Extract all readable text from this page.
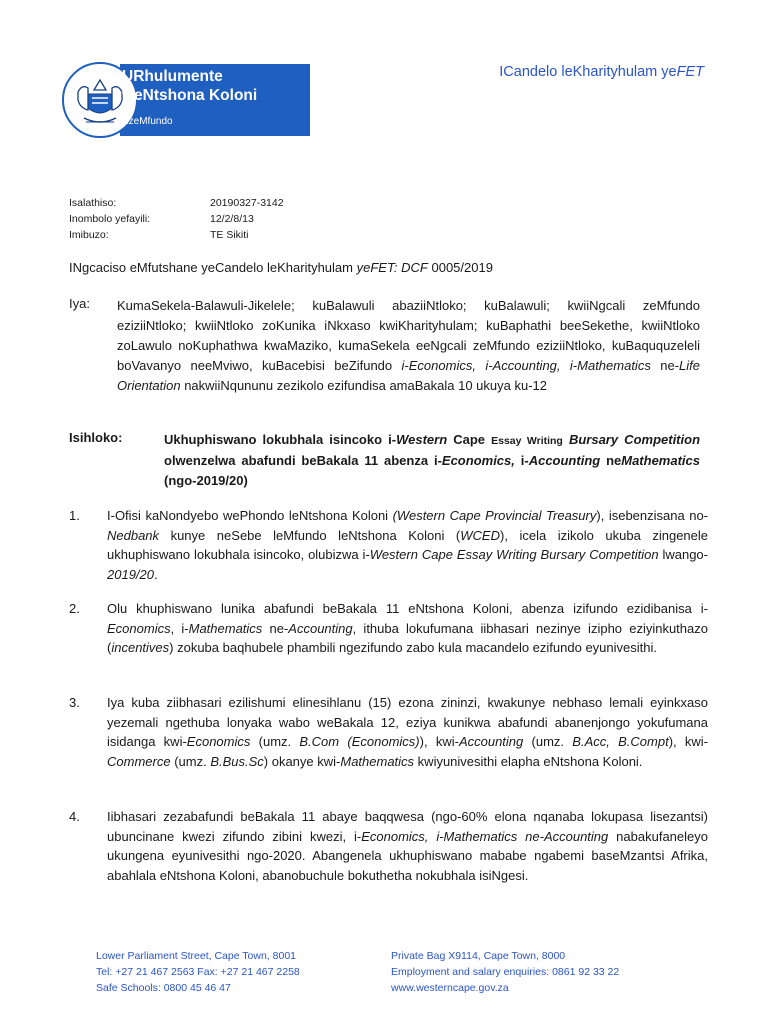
URhulumente
weNtshona Koloni
EzeMfundo
ICandelo leKharityhulam yeFET
Isalathiso:	20190327-3142
Inombolo yefayili:	12/2/8/13
Imibuzo:	TE Sikiti
INgcaciso eMfutshane yeCandelo leKharityhulam yeFET: DCF 0005/2019
Iya: KumaSekela-Balawuli-Jikelele; kuBalawuli abaziiNtloko; kuBalawuli; kwiiNgcali zeMfundo eziziiNtloko; kwiiNtloko zoKunika iNkxaso kwiKharityhulam; kuBaphathi beeSekethe, kwiiNtloko zoLawulo noKuphathwa kwaMaziko, kumaSekela eeNgcali zeMfundo eziziiNtloko, kuBaququzeleli boVavanyo neeMviwo, kuBacebisi beZifundo i-Economics, i-Accounting, i-Mathematics ne-Life Orientation nakwiiNqununu zezikolo ezifundisa amaBakala 10 ukuya ku-12
Isihloko:	Ukhuphiswano lokubhala isincoko i-Western Cape Essay Writing Bursary Competition olwenzelwa abafundi beBakala 11 abenza i-Economics, i-Accounting neMathematics (ngo-2019/20)
1. I-Ofisi kaNondyebo wePhondo leNtshona Koloni (Western Cape Provincial Treasury), isebenzisana no-Nedbank kunye neSebe leMfundo leNtshona Koloni (WCED), icela izikolo ukuba zingenele ukhuphiswano lokubhala isincoko, olubizwa i-Western Cape Essay Writing Bursary Competition lwango-2019/20.
2. Olu khuphiswano lunika abafundi beBakala 11 eNtshona Koloni, abenza izifundo ezidibanisa i-Economics, i-Mathematics ne-Accounting, ithuba lokufumana iibhasari nezinye izipho eziyinkuthazo (incentives) zokuba baqhubele phambili ngezifundo zabo kula macandelo ezifundo eyunivesithi.
3. Iya kuba ziibhasari ezilishumi elinesihlanu (15) ezona zininzi, kwakunye nebhaso lemali eyinkxaso yezemali ngethuba lonyaka wabo weBakala 12, eziya kunikwa abafundi abanenjongo yokufumana isidanga kwi-Economics (umz. B.Com (Economics)), kwi-Accounting (umz. B.Acc, B.Compt), kwi-Commerce (umz. B.Bus.Sc) okanye kwi-Mathematics kwiyunivesithi elapha eNtshona Koloni.
4. Iibhasari zezabafundi beBakala 11 abaye baqqwesa (ngo-60% elona nqanaba lokupasa lisezantsi) ubuncinane kwezi zifundo zibini kwezi, i-Economics, i-Mathematics ne-Accounting nabakufaneleyo ukungena eyunivesithi ngo-2020. Abangenela ukhuphiswano mababe ngabemi baseMzantsi Afrika, abahlala eNtshona Koloni, abanobuchule bokuthetha nokubhala isiNgesi.
Lower Parliament Street, Cape Town, 8001
Tel: +27 21 467 2563 Fax: +27 21 467 2258
Safe Schools: 0800 45 46 47
Private Bag X9114, Cape Town, 8000
Employment and salary enquiries: 0861 92 33 22
www.westerncape.gov.za
